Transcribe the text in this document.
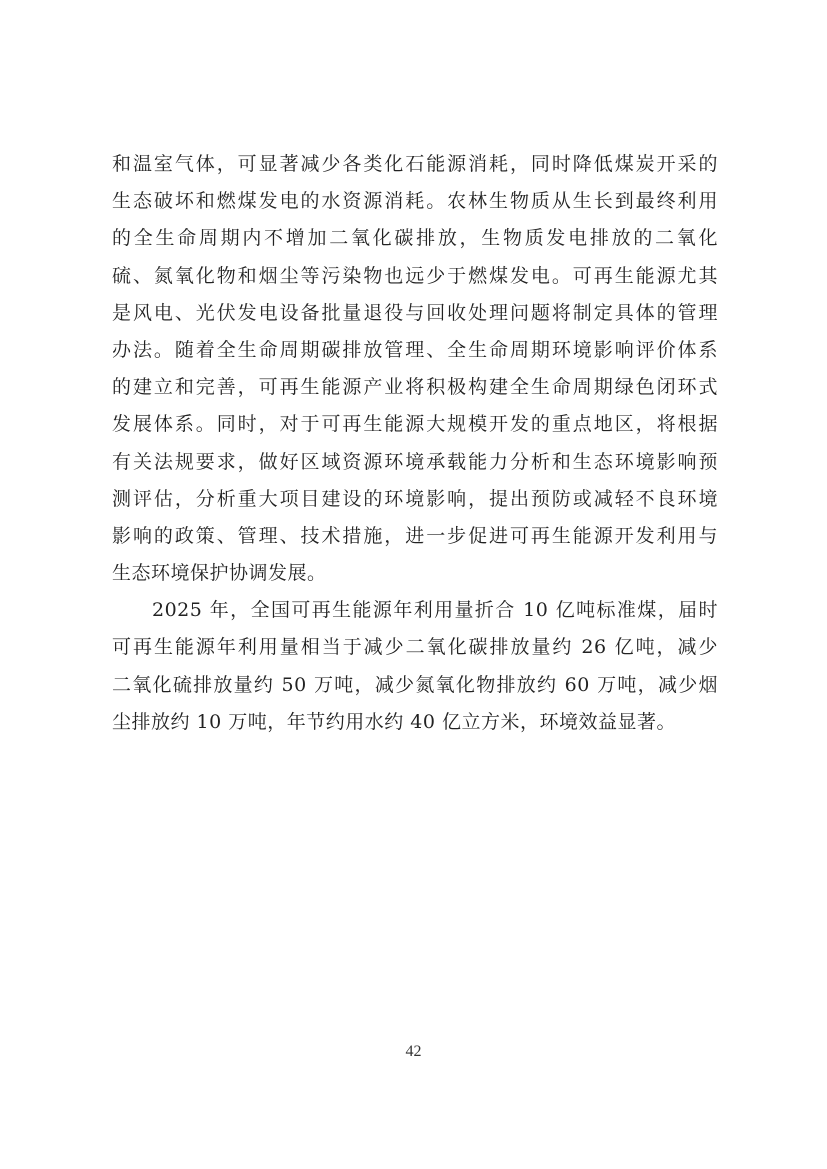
和温室气体，可显著减少各类化石能源消耗，同时降低煤炭开采的
生态破坏和燃煤发电的水资源消耗。农林生物质从生长到最终利用
的全生命周期内不增加二氧化碳排放，生物质发电排放的二氧化
硫、氮氧化物和烟尘等污染物也远少于燃煤发电。可再生能源尤其
是风电、光伏发电设备批量退役与回收处理问题将制定具体的管理
办法。随着全生命周期碳排放管理、全生命周期环境影响评价体系
的建立和完善，可再生能源产业将积极构建全生命周期绿色闭环式
发展体系。同时，对于可再生能源大规模开发的重点地区，将根据
有关法规要求，做好区域资源环境承载能力分析和生态环境影响预
测评估，分析重大项目建设的环境影响，提出预防或减轻不良环境
影响的政策、管理、技术措施，进一步促进可再生能源开发利用与
生态环境保护协调发展。
2025 年，全国可再生能源年利用量折合 10 亿吨标准煤，届时
可再生能源年利用量相当于减少二氧化碳排放量约 26 亿吨，减少
二氧化硫排放量约 50 万吨，减少氮氧化物排放约 60 万吨，减少烟
尘排放约 10 万吨，年节约用水约 40 亿立方米，环境效益显著。
42
